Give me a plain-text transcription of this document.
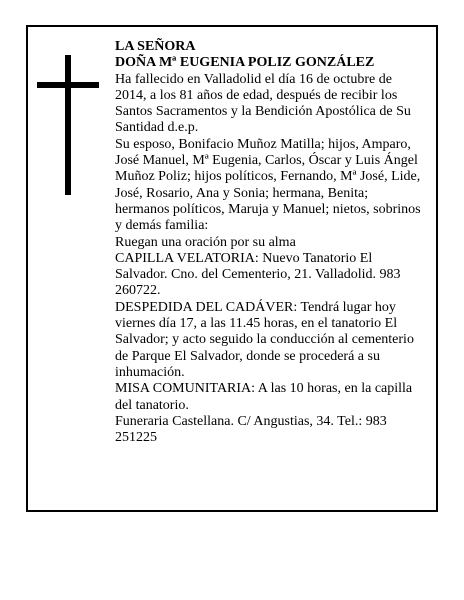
LA SEÑORA

DOÑA Mª EUGENIA POLIZ GONZÁLEZ

Ha fallecido en Valladolid el día 16 de octubre de 2014, a los 81 años de edad, después de recibir los Santos Sacramentos y la Bendición Apostólica de Su Santidad d.e.p.

Su esposo, Bonifacio Muñoz Matilla; hijos, Amparo, José Manuel, Mª Eugenia, Carlos, Óscar y Luis Ángel Muñoz Poliz; hijos políticos, Fernando, Mª José, Lide, José, Rosario, Ana y Sonia; hermana, Benita; hermanos políticos, Maruja y Manuel; nietos, sobrinos y demás familia:

Ruegan una oración por su alma

CAPILLA VELATORIA: Nuevo Tanatorio El Salvador. Cno. del Cementerio, 21. Valladolid. 983 260722.

DESPEDIDA DEL CADÁVER: Tendrá lugar hoy viernes día 17, a las 11.45 horas, en el tanatorio El Salvador; y acto seguido la conducción al cementerio de Parque El Salvador, donde se procederá a su inhumación.

MISA COMUNITARIA: A las 10 horas, en la capilla del tanatorio.

Funeraria Castellana. C/ Angustias, 34. Tel.: 983 251225
